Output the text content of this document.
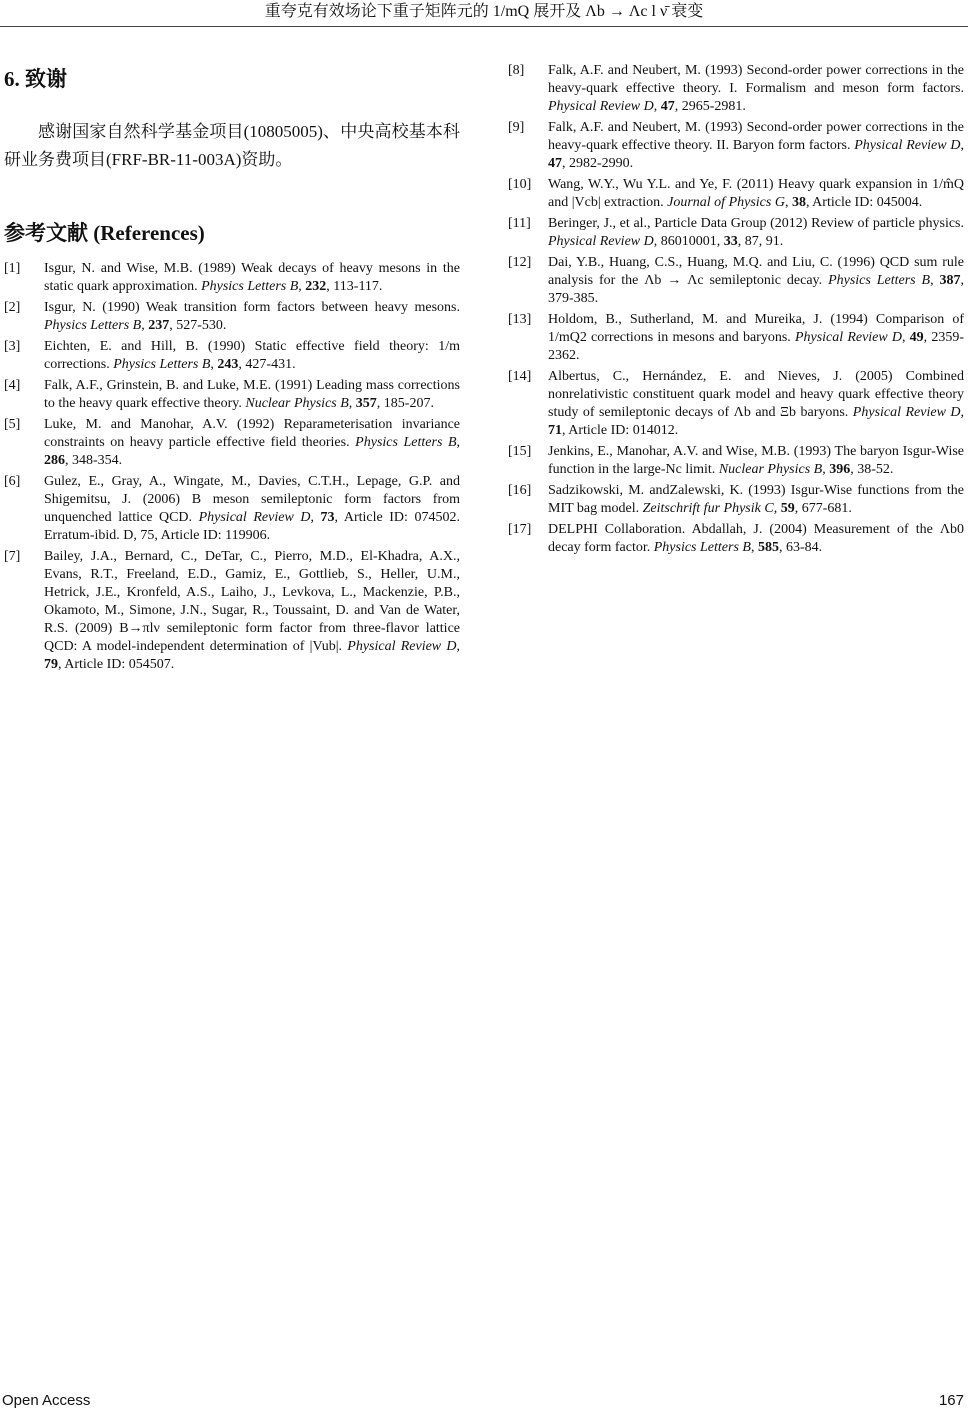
重夸克有效场论下重子矩阵元的 1/mQ 展开及 Λb → Λc l ν̄ 衰变
6. 致谢

感谢国家自然科学基金项目(10805005)、中央高校基本科研业务费项目(FRF-BR-11-003A)资助。

参考文献 (References)
[1] Isgur, N. and Wise, M.B. (1989) Weak decays of heavy mesons in the static quark approximation. Physics Letters B, 232, 113-117.
[2] Isgur, N. (1990) Weak transition form factors between heavy mesons. Physics Letters B, 237, 527-530.
[3] Eichten, E. and Hill, B. (1990) Static effective field theory: 1/m corrections. Physics Letters B, 243, 427-431.
[4] Falk, A.F., Grinstein, B. and Luke, M.E. (1991) Leading mass corrections to the heavy quark effective theory. Nuclear Physics B, 357, 185-207.
[5] Luke, M. and Manohar, A.V. (1992) Reparameterisation invariance constraints on heavy particle effective field theories. Physics Letters B, 286, 348-354.
[6] Gulez, E., Gray, A., Wingate, M., Davies, C.T.H., Lepage, G.P. and Shigemitsu, J. (2006) B meson semileptonic form factors from unquenched lattice QCD. Physical Review D, 73, Article ID: 074502. Erratum-ibid. D, 75, Article ID: 119906.
[7] Bailey, J.A., Bernard, C., DeTar, C., Pierro, M.D., El-Khadra, A.X., Evans, R.T., Freeland, E.D., Gamiz, E., Gottlieb, S., Heller, U.M., Hetrick, J.E., Kronfeld, A.S., Laiho, J., Levkova, L., Mackenzie, P.B., Okamoto, M., Simone, J.N., Sugar, R., Toussaint, D. and Van de Water, R.S. (2009) B→πlν semileptonic form factor from three-flavor lattice QCD: A model-independent determination of |Vub|. Physical Review D, 79, Article ID: 054507.
[8] Falk, A.F. and Neubert, M. (1993) Second-order power corrections in the heavy-quark effective theory. I. Formalism and meson form factors. Physical Review D, 47, 2965-2981.
[9] Falk, A.F. and Neubert, M. (1993) Second-order power corrections in the heavy-quark effective theory. II. Baryon form factors. Physical Review D, 47, 2982-2990.
[10] Wang, W.Y., Wu Y.L. and Ye, F. (2011) Heavy quark expansion in 1/m̂Q and |Vcb| extraction. Journal of Physics G, 38, Article ID: 045004.
[11] Beringer, J., et al., Particle Data Group (2012) Review of particle physics. Physical Review D, 86010001, 33, 87, 91.
[12] Dai, Y.B., Huang, C.S., Huang, M.Q. and Liu, C. (1996) QCD sum rule analysis for the Λb → Λc semileptonic decay. Physics Letters B, 387, 379-385.
[13] Holdom, B., Sutherland, M. and Mureika, J. (1994) Comparison of 1/mQ2 corrections in mesons and baryons. Physical Review D, 49, 2359-2362.
[14] Albertus, C., Hernández, E. and Nieves, J. (2005) Combined nonrelativistic constituent quark model and heavy quark effective theory study of semileptonic decays of Λb and Ξb baryons. Physical Review D, 71, Article ID: 014012.
[15] Jenkins, E., Manohar, A.V. and Wise, M.B. (1993) The baryon Isgur-Wise function in the large-Nc limit. Nuclear Physics B, 396, 38-52.
[16] Sadzikowski, M. andZalewski, K. (1993) Isgur-Wise functions from the MIT bag model. Zeitschrift fur Physik C, 59, 677-681.
[17] DELPHI Collaboration. Abdallah, J. (2004) Measurement of the Λb0 decay form factor. Physics Letters B, 585, 63-84.
Open Access	167
